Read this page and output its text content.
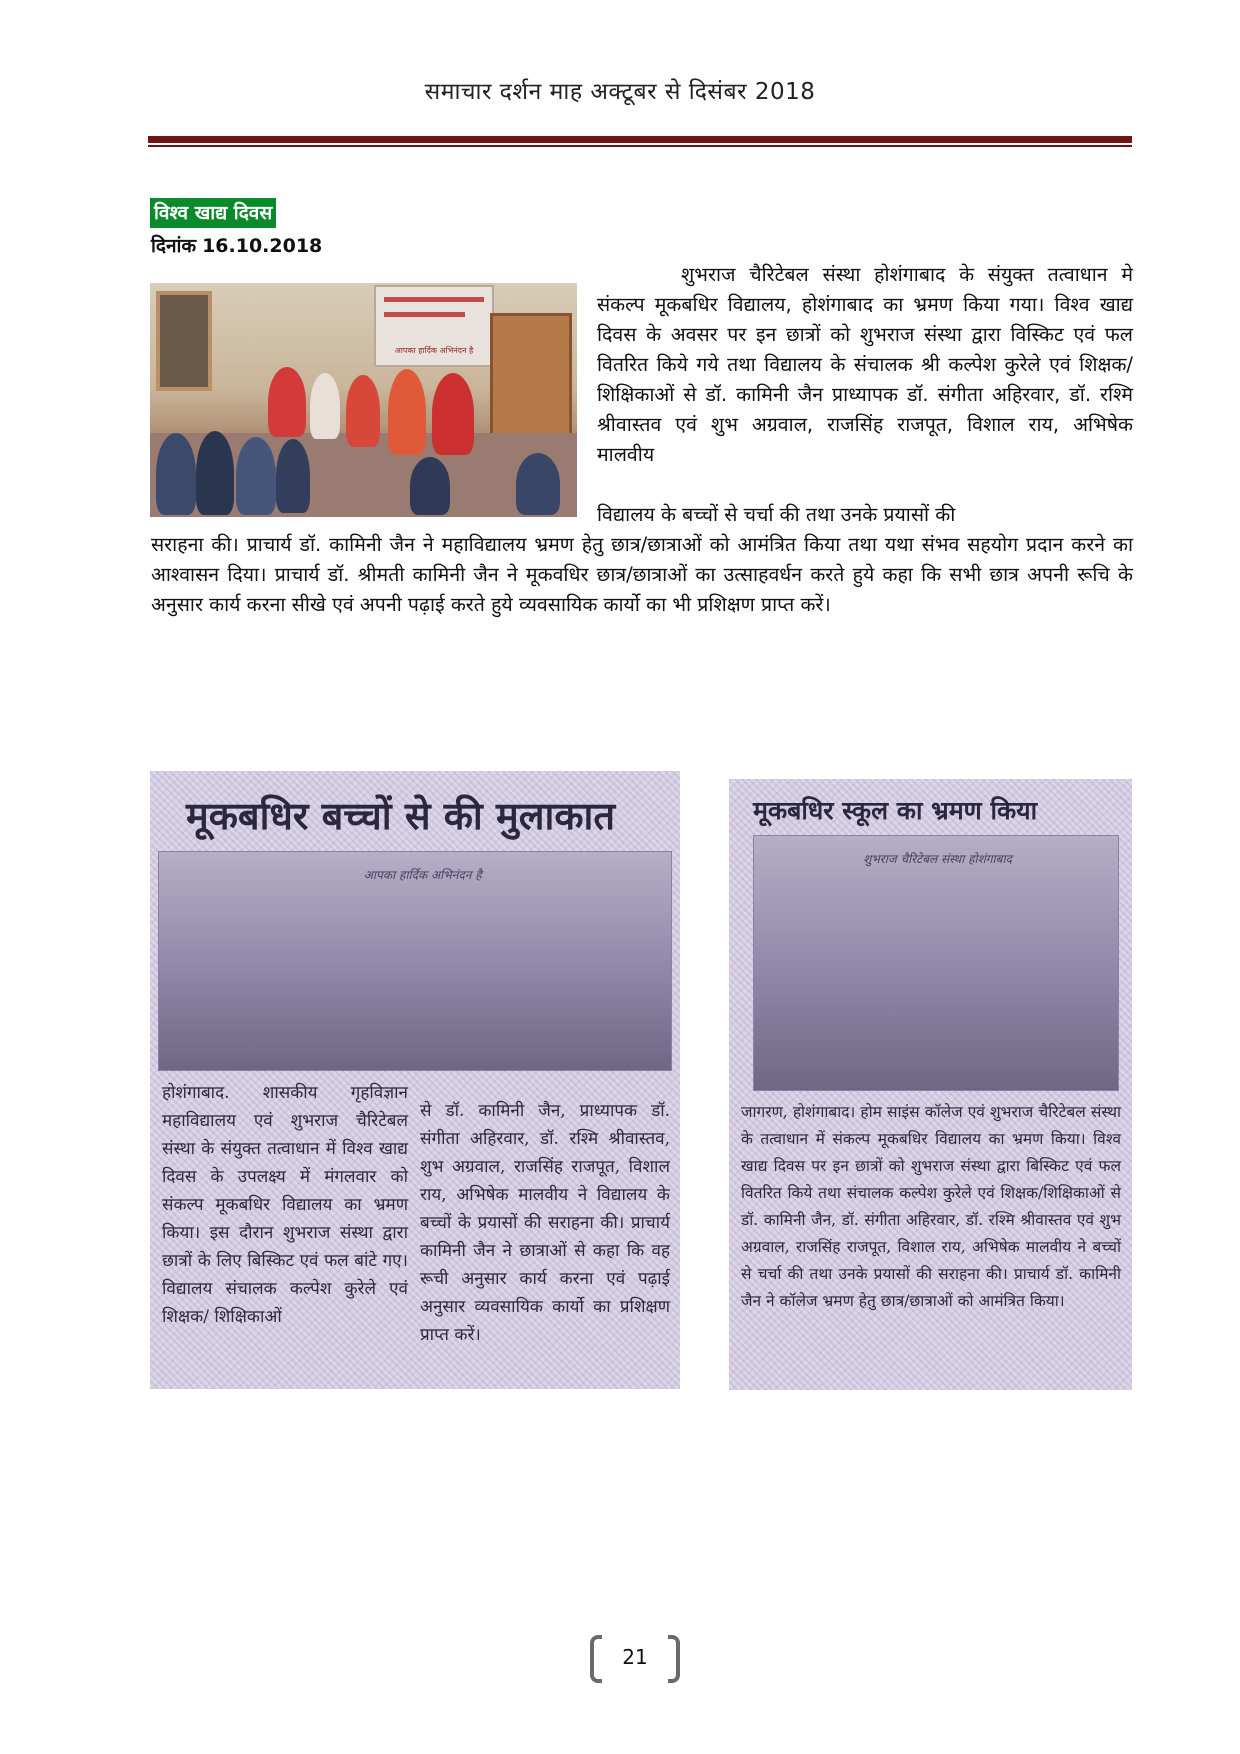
समाचार दर्शन माह अक्टूबर से दिसंबर 2018
विश्व खाद्य दिवस
दिनांक 16.10.2018
आपका हार्दिक अभिनंदन है
शुभराज चैरिटेबल संस्था होशंगाबाद के संयुक्त तत्वाधान मे संकल्प मूकबधिर विद्यालय, होशंगाबाद का भ्रमण किया गया। विश्व खाद्य दिवस के अवसर पर इन छात्रों को शुभराज संस्था द्वारा विस्किट एवं फल वितरित किये गये तथा विद्यालय के संचालक श्री कल्पेश कुरेले एवं शिक्षक/शिक्षिकाओं से डॉ. कामिनी जैन प्राध्यापक डॉ. संगीता अहिरवार, डॉ. रश्मि श्रीवास्तव एवं शुभ अग्रवाल, राजसिंह राजपूत, विशाल राय, अभिषेक मालवीय
विद्यालय के बच्चों से चर्चा की तथा उनके प्रयासों की
सराहना की। प्राचार्य डॉ. कामिनी जैन ने महाविद्यालय भ्रमण हेतु छात्र/छात्राओं को आमंत्रित किया तथा यथा संभव सहयोग प्रदान करने का आश्वासन दिया। प्राचार्य डॉ. श्रीमती कामिनी जैन ने मूकवधिर छात्र/छात्राओं का उत्साहवर्धन करते हुये कहा कि सभी छात्र अपनी रूचि के अनुसार कार्य करना सीखे एवं अपनी पढ़ाई करते हुये व्यवसायिक कार्यो का भी प्रशिक्षण प्राप्त करें।
मूकबधिर बच्चों से की मुलाकात
आपका हार्दिक अभिनंदन है
होशंगाबाद. शासकीय गृहविज्ञान महाविद्यालय एवं शुभराज चैरिटेबल संस्था के संयुक्त तत्वाधान में विश्व खाद्य दिवस के उपलक्ष्य में मंगलवार को संकल्प मूकबधिर विद्यालय का भ्रमण किया। इस दौरान शुभराज संस्था द्वारा छात्रों के लिए बिस्किट एवं फल बांटे गए। विद्यालय संचालक कल्पेश कुरेले एवं शिक्षक/ शिक्षिकाओं
से डॉ. कामिनी जैन, प्राध्यापक डॉ. संगीता अहिरवार, डॉ. रश्मि श्रीवास्तव, शुभ अग्रवाल, राजसिंह राजपूत, विशाल राय, अभिषेक मालवीय ने विद्यालय के बच्चों के प्रयासों की सराहना की। प्राचार्य कामिनी जैन ने छात्राओं से कहा कि वह रूची अनुसार कार्य करना एवं पढ़ाई अनुसार व्यवसायिक कार्यो का प्रशिक्षण प्राप्त करें।
मूकबधिर स्कूल का भ्रमण किया
शुभराज चैरिटेबल संस्था होशंगाबाद
जागरण, होशंगाबाद। होम साइंस कॉलेज एवं शुभराज चैरिटेबल संस्था के तत्वाधान में संकल्प मूकबधिर विद्यालय का भ्रमण किया। विश्व खाद्य दिवस पर इन छात्रों को शुभराज संस्था द्वारा बिस्किट एवं फल वितरित किये तथा संचालक कल्पेश कुरेले एवं शिक्षक/शिक्षिकाओं से डॉ. कामिनी जैन, डॉ. संगीता अहिरवार, डॉ. रश्मि श्रीवास्तव एवं शुभ अग्रवाल, राजसिंह राजपूत, विशाल राय, अभिषेक मालवीय ने बच्चों से चर्चा की तथा उनके प्रयासों की सराहना की। प्राचार्य डॉ. कामिनी जैन ने कॉलेज भ्रमण हेतु छात्र/छात्राओं को आमंत्रित किया।
21
